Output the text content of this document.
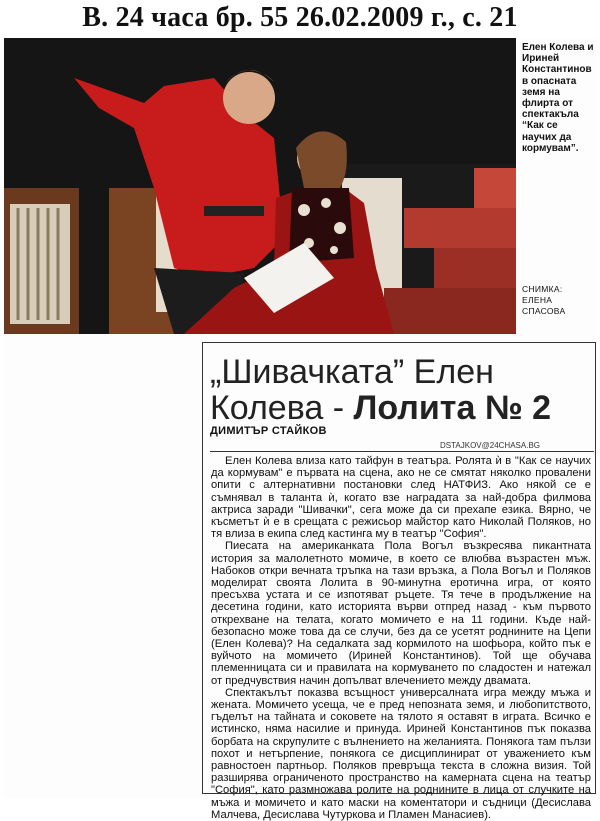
В. 24 часа бр. 55 26.02.2009 г., с. 21
Елен Колева и Ириней Константинов в опасната земя на флирта от спектакъла “Как се научих да кормувам”.
СНИМКА: ЕЛЕНА СПАСОВА
„Шивачката” Елен Колева - Лолита № 2
ДИМИТЪР СТАЙКОВ
DSTAJKOV@24CHASA.BG

Елен Колева влиза като тайфун в театъра. Ролята ѝ в "Как се научих да кормувам" е първата на сцена, ако не се смятат няколко провалени опити с алтернативни постановки след НАТФИЗ. Ако някой се е съмнявал в таланта ѝ, когато взе наградата за най-добра филмова актриса заради "Шивачки", сега може да си прехапе езика. Вярно, че късметът ѝ е в срещата с режисьор майстор като Николай Поляков, но тя влиза в екипа след кастинга му в театър "София".

Пиесата на американката Пола Вогъл възкресява пикантната история за малолетното момиче, в което се влюбва възрастен мъж. Набоков откри вечната тръпка на тази връзка, а Пола Вогъл и Поляков моделират своята Лолита в 90-минутна еротична игра, от която пресъхва устата и се изпотяват ръцете. Тя тече в продължение на десетина години, като историята върви отпред назад - към първото открехване на телата, когато момичето е на 11 години. Къде най-безопасно може това да се случи, без да се усетят роднините на Цепи (Елен Колева)? На седалката зад кормилото на шофьора, който пък е вуйчото на момичето (Ириней Константинов). Той ще обучава племенницата си и правилата на кормуването по сладостен и натежал от предчувствия начин допълват влечението между двамата.

Спектакълът показва всъщност универсалната игра между мъжа и жената. Момичето усеща, че е пред непозната земя, и любопитството, гъделът на тайната и соковете на тялото я оставят в играта. Всичко е истинско, няма насилие и принуда. Ириней Константинов пък показва борбата на скрупулите с вълнението на желанията. Понякога там пълзи похот и нетърпение, понякога се дисциплинират от уважението към равностоен партньор. Поляков превръща текста в сложна визия. Той разширява ограниченото пространство на камерната сцена на театър "София", като размножава ролите на роднините в лица от случките на мъжа и момичето и като маски на коментатори и съдници (Десислава Малчева, Десислава Чутуркова и Пламен Манасиев).
